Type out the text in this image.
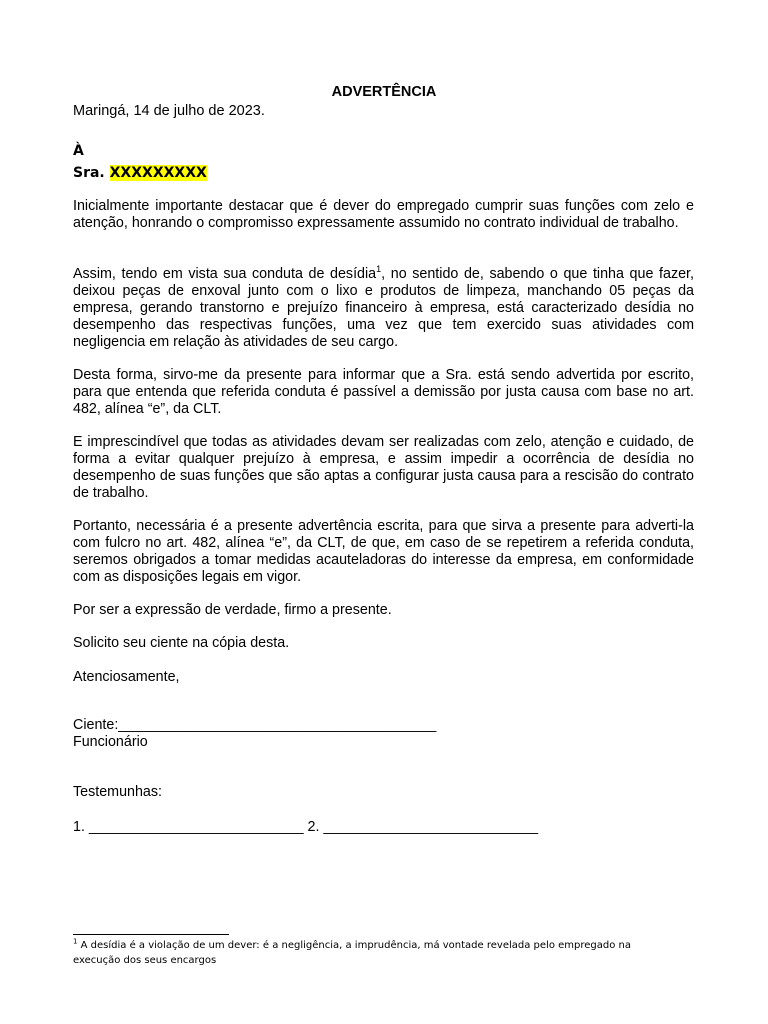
ADVERTÊNCIA
Maringá, 14 de julho de 2023.
À
Sra. XXXXXXXXX
Inicialmente importante destacar que é dever do empregado cumprir suas funções com zelo e atenção, honrando o compromisso expressamente assumido no contrato individual de trabalho.
Assim, tendo em vista sua conduta de desídia$^1$, no sentido de, sabendo o que tinha que fazer, deixou peças de enxoval junto com o lixo e produtos de limpeza, manchando 05 peças da empresa, gerando transtorno e prejuízo financeiro à empresa, está caracterizado desídia no desempenho das respectivas funções, uma vez que tem exercido suas atividades com negligencia em relação às atividades de seu cargo.
Desta forma, sirvo-me da presente para informar que a Sra. está sendo advertida por escrito, para que entenda que referida conduta é passível a demissão por justa causa com base no art. 482, alínea “e”, da CLT.
E imprescindível que todas as atividades devam ser realizadas com zelo, atenção e cuidado, de forma a evitar qualquer prejuízo à empresa, e assim impedir a ocorrência de desídia no desempenho de suas funções que são aptas a configurar justa causa para a rescisão do contrato de trabalho.
Portanto, necessária é a presente advertência escrita, para que sirva a presente para adverti-la com fulcro no art. 482, alínea “e”, da CLT, de que, em caso de se repetirem a referida conduta, seremos obrigados a tomar medidas acauteladoras do interesse da empresa, em conformidade com as disposições legais em vigor.
Por ser a expressão de verdade, firmo a presente.
Solicito seu ciente na cópia desta.
Atenciosamente,
Ciente:________________________________________
Funcionário
Testemunhas:
1. ___________________________ 2. ___________________________
$^1$ A desídia é a violação de um dever: é a negligência, a imprudência, má vontade revelada pelo empregado na execução dos seus encargos
